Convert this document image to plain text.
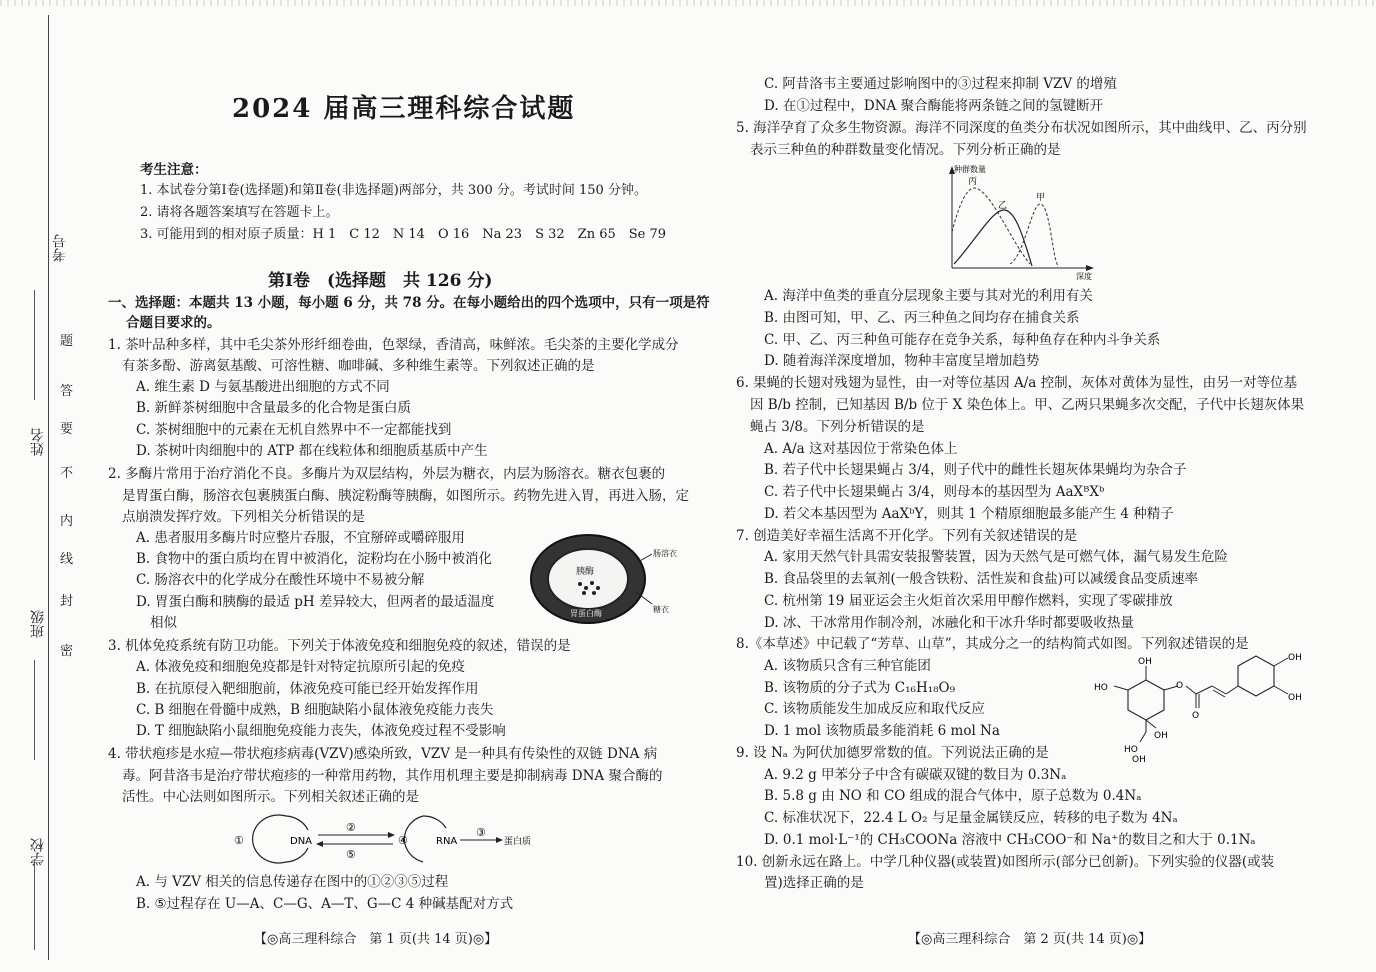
考号
题
答
要
姓名
不
内
线
封
班级
密
学校
2024 届高三理科综合试题
考生注意：
1. 本试卷分第Ⅰ卷(选择题)和第Ⅱ卷(非选择题)两部分，共 300 分。考试时间 150 分钟。
2. 请将各题答案填写在答题卡上。
3. 可能用到的相对原子质量：H 1　C 12　N 14　O 16　Na 23　S 32　Zn 65　Se 79
第Ⅰ卷　(选择题　共 126 分)
一、选择题：本题共 13 小题，每小题 6 分，共 78 分。在每小题给出的四个选项中，只有一项是符
合题目要求的。
1. 茶叶品种多样，其中毛尖茶外形纤细卷曲，色翠绿，香清高，味鲜浓。毛尖茶的主要化学成分
有茶多酚、游离氨基酸、可溶性糖、咖啡碱、多种维生素等。下列叙述正确的是
A. 维生素 D 与氨基酸进出细胞的方式不同
B. 新鲜茶树细胞中含量最多的化合物是蛋白质
C. 茶树细胞中的元素在无机自然界中不一定都能找到
D. 茶树叶肉细胞中的 ATP 都在线粒体和细胞质基质中产生
2. 多酶片常用于治疗消化不良。多酶片为双层结构，外层为糖衣，内层为肠溶衣。糖衣包裹的
是胃蛋白酶，肠溶衣包裹胰蛋白酶、胰淀粉酶等胰酶，如图所示。药物先进入胃，再进入肠，定
点崩溃发挥疗效。下列相关分析错误的是
A. 患者服用多酶片时应整片吞服，不宜掰碎或嚼碎服用
B. 食物中的蛋白质均在胃中被消化，淀粉均在小肠中被消化
C. 肠溶衣中的化学成分在酸性环境中不易被分解
D. 胃蛋白酶和胰酶的最适 pH 差异较大，但两者的最适温度
相似
3. 机体免疫系统有防卫功能。下列关于体液免疫和细胞免疫的叙述，错误的是
A. 体液免疫和细胞免疫都是针对特定抗原所引起的免疫
B. 在抗原侵入靶细胞前，体液免疫可能已经开始发挥作用
C. B 细胞在骨髓中成熟，B 细胞缺陷小鼠体液免疫能力丧失
D. T 细胞缺陷小鼠细胞免疫能力丧失，体液免疫过程不受影响
4. 带状疱疹是水痘—带状疱疹病毒(VZV)感染所致，VZV 是一种具有传染性的双链 DNA 病
毒。阿昔洛韦是治疗带状疱疹的一种常用药物，其作用机理主要是抑制病毒 DNA 聚合酶的
活性。中心法则如图所示。下列相关叙述正确的是
A. 与 VZV 相关的信息传递存在图中的①②③⑤过程
B. ⑤过程存在 U—A、C—G、A—T、G—C 4 种碱基配对方式
肠溶衣
糖衣
胰酶
胃蛋白酶
①	DNA
②
⑤
④	RNA
③
蛋白质
C. 阿昔洛韦主要通过影响图中的③过程来抑制 VZV 的增殖
D. 在①过程中，DNA 聚合酶能将两条链之间的氢键断开
5. 海洋孕育了众多生物资源。海洋不同深度的鱼类分布状况如图所示，其中曲线甲、乙、丙分别
表示三种鱼的种群数量变化情况。下列分析正确的是
A. 海洋中鱼类的垂直分层现象主要与其对光的利用有关
B. 由图可知，甲、乙、丙三种鱼之间均存在捕食关系
C. 甲、乙、丙三种鱼可能存在竞争关系，每种鱼存在种内斗争关系
D. 随着海洋深度增加，物种丰富度呈增加趋势
6. 果蝇的长翅对残翅为显性，由一对等位基因 A/a 控制，灰体对黄体为显性，由另一对等位基
因 B/b 控制，已知基因 B/b 位于 X 染色体上。甲、乙两只果蝇多次交配，子代中长翅灰体果
蝇占 3/8。下列分析错误的是
A. A/a 这对基因位于常染色体上
B. 若子代中长翅果蝇占 3/4，则子代中的雌性长翅灰体果蝇均为杂合子
C. 若子代中长翅果蝇占 3/4，则母本的基因型为 AaXᴮXᵇ
D. 若父本基因型为 AaXᵇY，则其 1 个精原细胞最多能产生 4 种精子
7. 创造美好幸福生活离不开化学。下列有关叙述错误的是
A. 家用天然气针具需安装报警装置，因为天然气是可燃气体，漏气易发生危险
B. 食品袋里的去氧剂(一般含铁粉、活性炭和食盐)可以减缓食品变质速率
C. 杭州第 19 届亚运会主火炬首次采用甲醇作燃料，实现了零碳排放
D. 冰、干冰常用作制冷剂，冰融化和干冰升华时都要吸收热量
8.《本草述》中记载了“芳草、山草”，其成分之一的结构简式如图。下列叙述错误的是
A. 该物质只含有三种官能团
B. 该物质的分子式为 C₁₆H₁₈O₉
C. 该物质能发生加成反应和取代反应
D. 1 mol 该物质最多能消耗 6 mol Na
9. 设 Nₐ 为阿伏加德罗常数的值。下列说法正确的是
A. 9.2 g 甲苯分子中含有碳碳双键的数目为 0.3Nₐ
B. 5.8 g 由 NO 和 CO 组成的混合气体中，原子总数为 0.4Nₐ
C. 标准状况下，22.4 L O₂ 与足量金属镁反应，转移的电子数为 4Nₐ
D. 0.1 mol·L⁻¹的 CH₃COONa 溶液中 CH₃COO⁻和 Na⁺的数目之和大于 0.1Nₐ
10. 创新永远在路上。中学几种仪器(或装置)如图所示(部分已创新)。下列实验的仪器(或装
置)选择正确的是
种群数量
深度
丙
乙
甲
OH
HO	O
O
OH
OH
OH
HO
OH
【◎高三理科综合　第 1 页(共 14 页)◎】	【◎高三理科综合　第 2 页(共 14 页)◎】
